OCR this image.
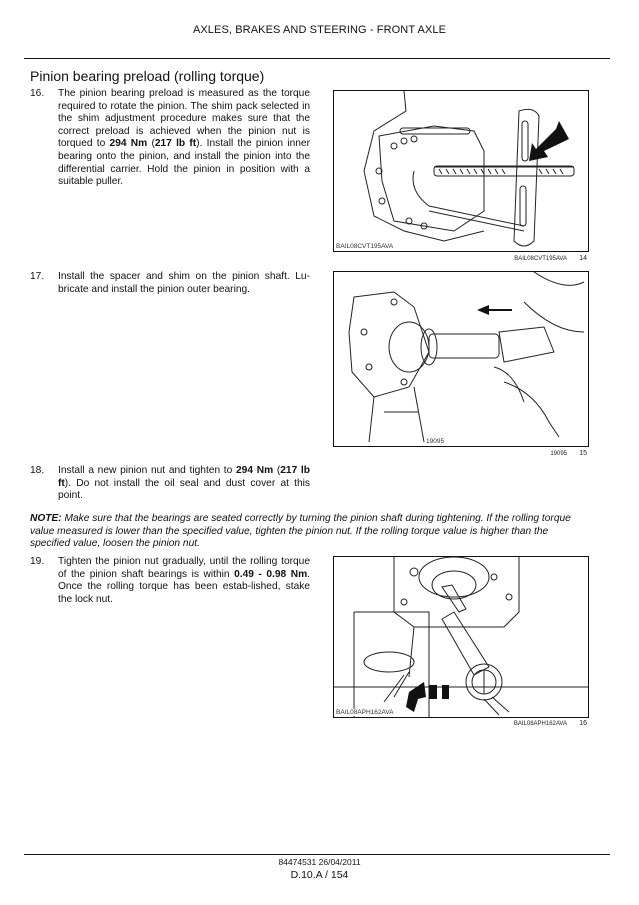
AXLES, BRAKES AND STEERING - FRONT AXLE
Pinion bearing preload (rolling torque)
16.	The pinion bearing preload is measured as the torque required to rotate the pinion. The shim pack selected in the shim adjustment procedure makes sure that the correct preload is achieved when the pinion nut is torqued to 294 Nm (217 lb ft). Install the pinion inner bearing onto the pinion, and install the pinion into the differential carrier. Hold the pinion in position with a suitable puller.
BAIL08CVT195AVA
BAIL08CVT195AVA 14
17.	Install the spacer and shim on the pinion shaft. Lu-bricate and install the pinion outer bearing.
19095
19095 15
18.	Install a new pinion nut and tighten to 294 Nm (217 lb ft). Do not install the oil seal and dust cover at this point.
NOTE: Make sure that the bearings are seated correctly by turning the pinion shaft during tightening. If the rolling torque value measured is lower than the specified value, tighten the pinion nut. If the rolling torque value is higher than the specified value, loosen the pinion nut.
19.	Tighten the pinion nut gradually, until the rolling torque of the pinion shaft bearings is within 0.49 - 0.98 Nm. Once the rolling torque has been estab-lished, stake the lock nut.
BAIL08APH162AVA
BAIL08APH162AVA 16
84474531 26/04/2011
D.10.A / 154
